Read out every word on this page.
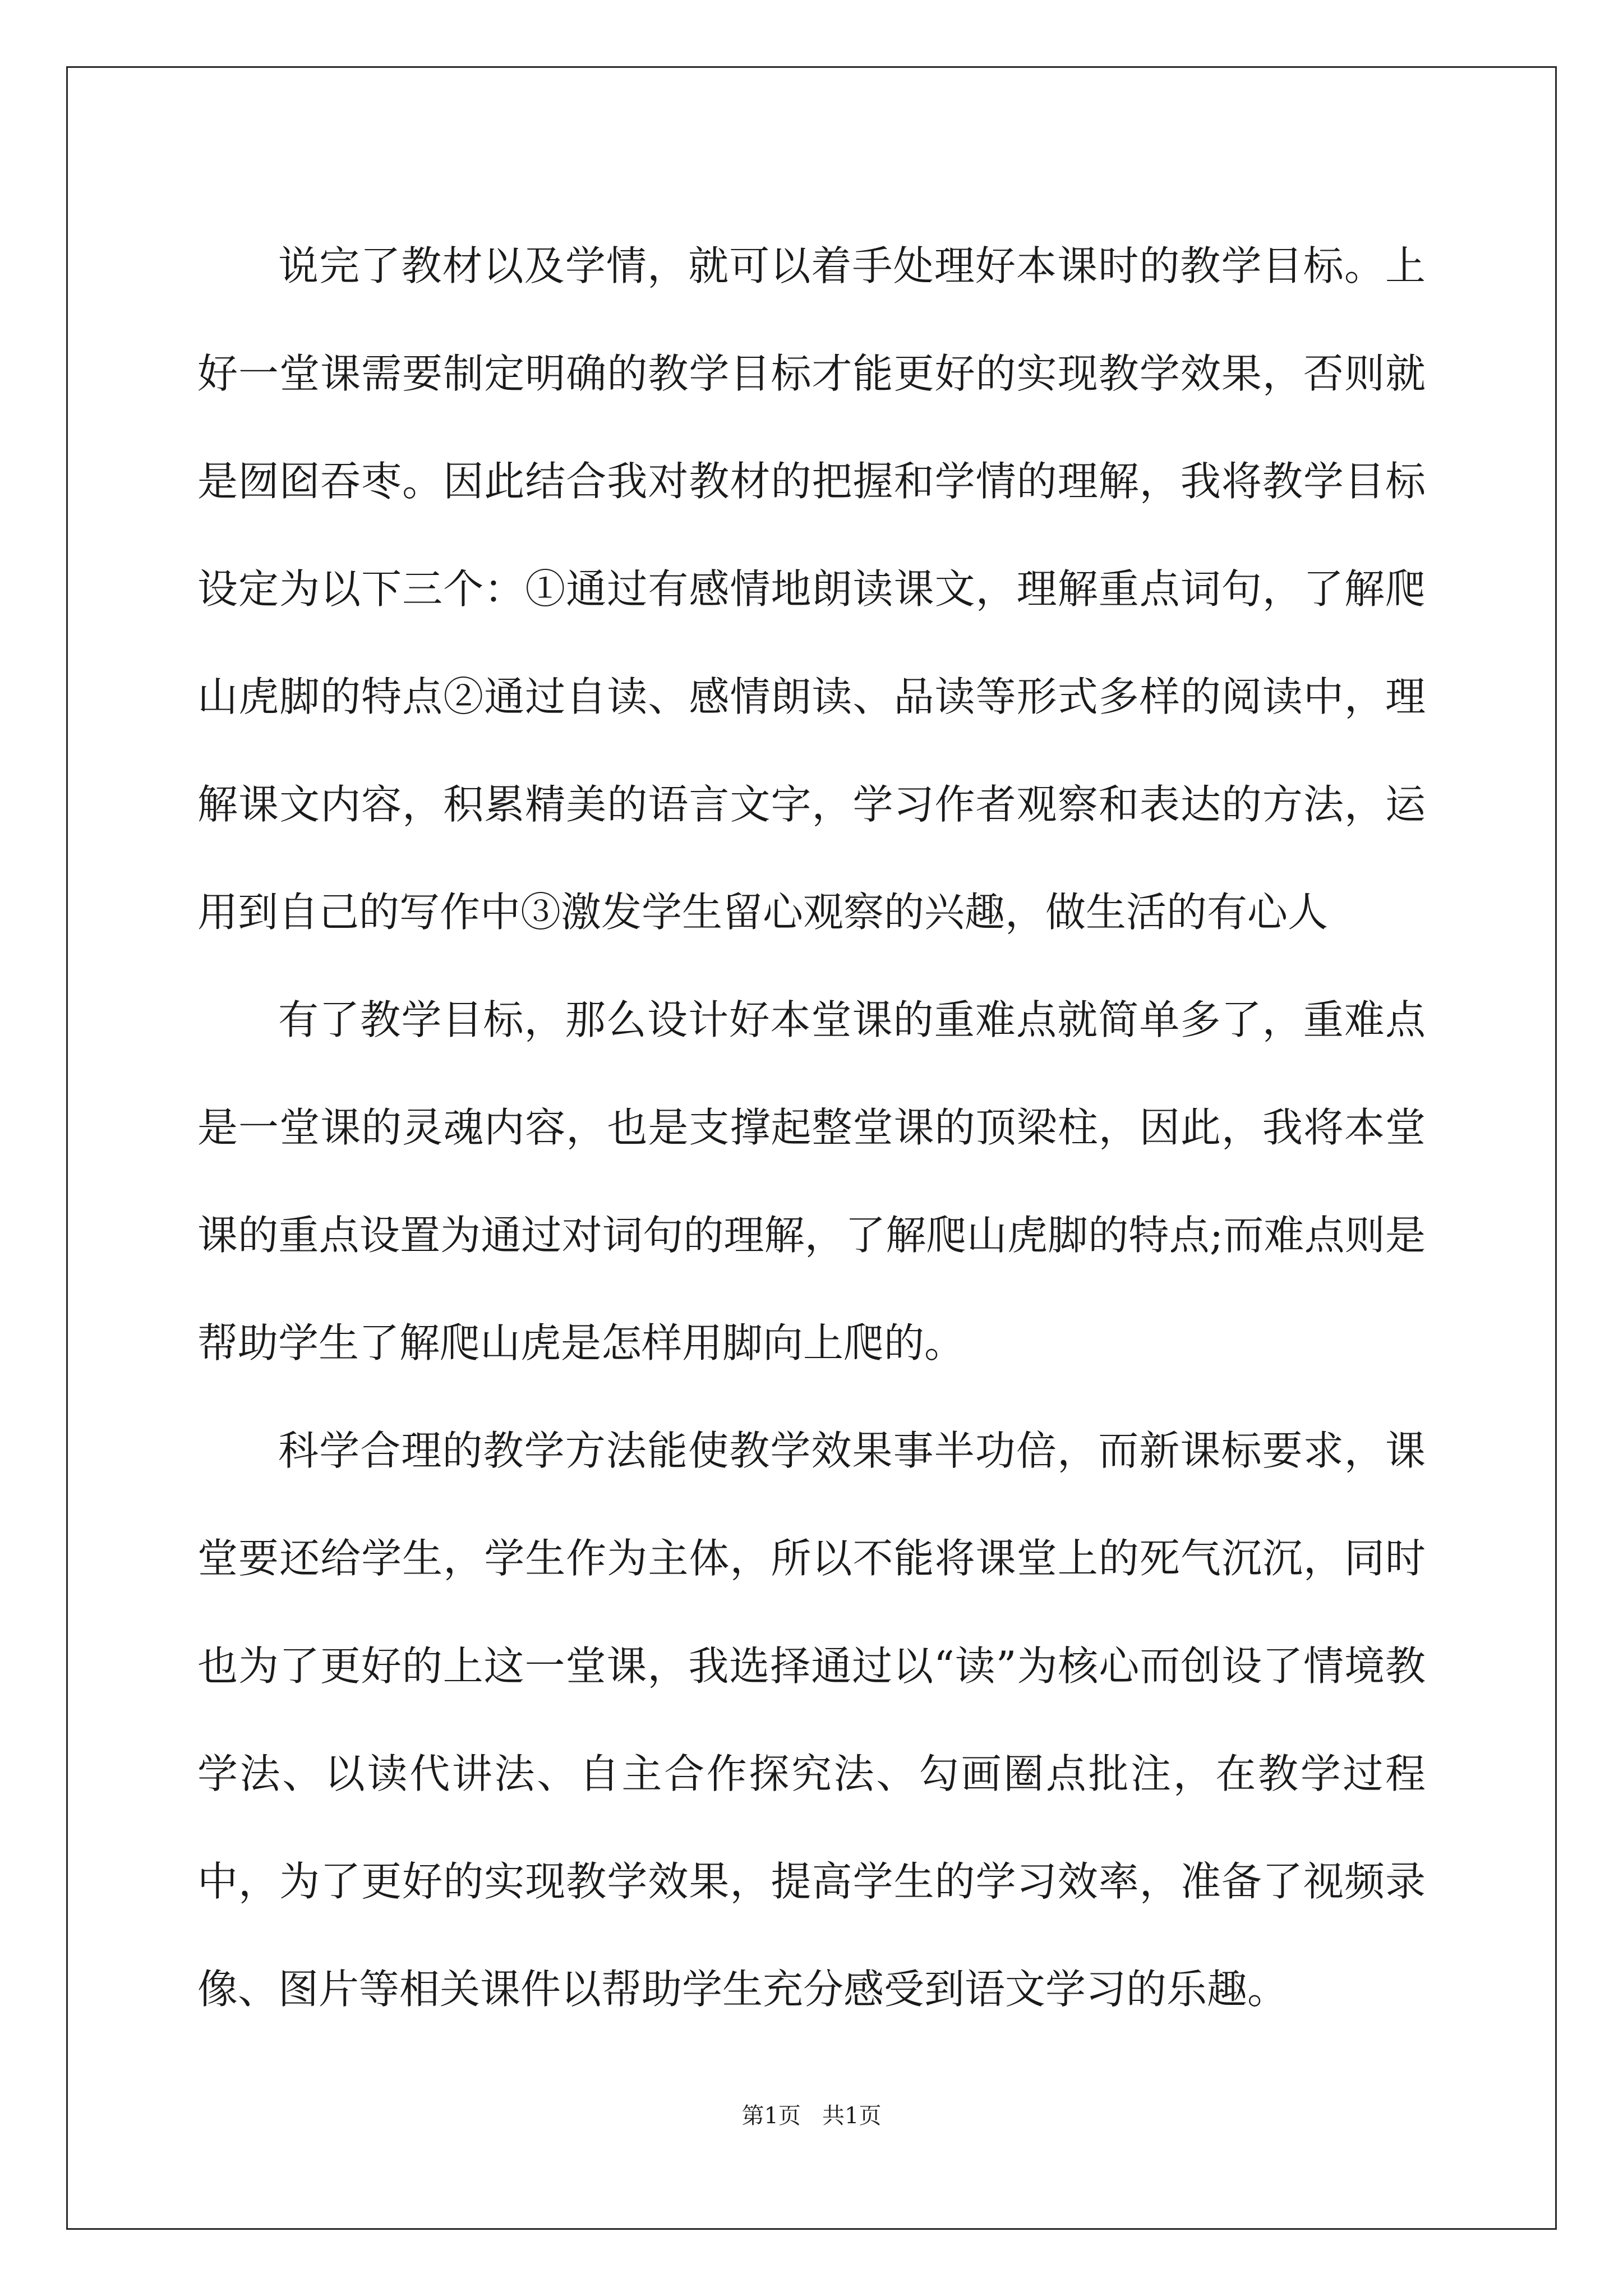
说完了教材以及学情，就可以着手处理好本课时的教学目标。上好一堂课需要制定明确的教学目标才能更好的实现教学效果，否则就是囫囵吞枣。因此结合我对教材的把握和学情的理解，我将教学目标设定为以下三个：①通过有感情地朗读课文，理解重点词句，了解爬山虎脚的特点②通过自读、感情朗读、品读等形式多样的阅读中，理解课文内容，积累精美的语言文字，学习作者观察和表达的方法，运用到自己的写作中③激发学生留心观察的兴趣，做生活的有心人

有了教学目标，那么设计好本堂课的重难点就简单多了，重难点是一堂课的灵魂内容，也是支撑起整堂课的顶梁柱，因此，我将本堂课的重点设置为通过对词句的理解，了解爬山虎脚的特点;而难点则是帮助学生了解爬山虎是怎样用脚向上爬的。

科学合理的教学方法能使教学效果事半功倍，而新课标要求，课堂要还给学生，学生作为主体，所以不能将课堂上的死气沉沉，同时也为了更好的上这一堂课，我选择通过以“读”为核心而创设了情境教学法、以读代讲法、自主合作探究法、勾画圈点批注，在教学过程中，为了更好的实现教学效果，提高学生的学习效率，准备了视频录像、图片等相关课件以帮助学生充分感受到语文学习的乐趣。

第1页   共1页
